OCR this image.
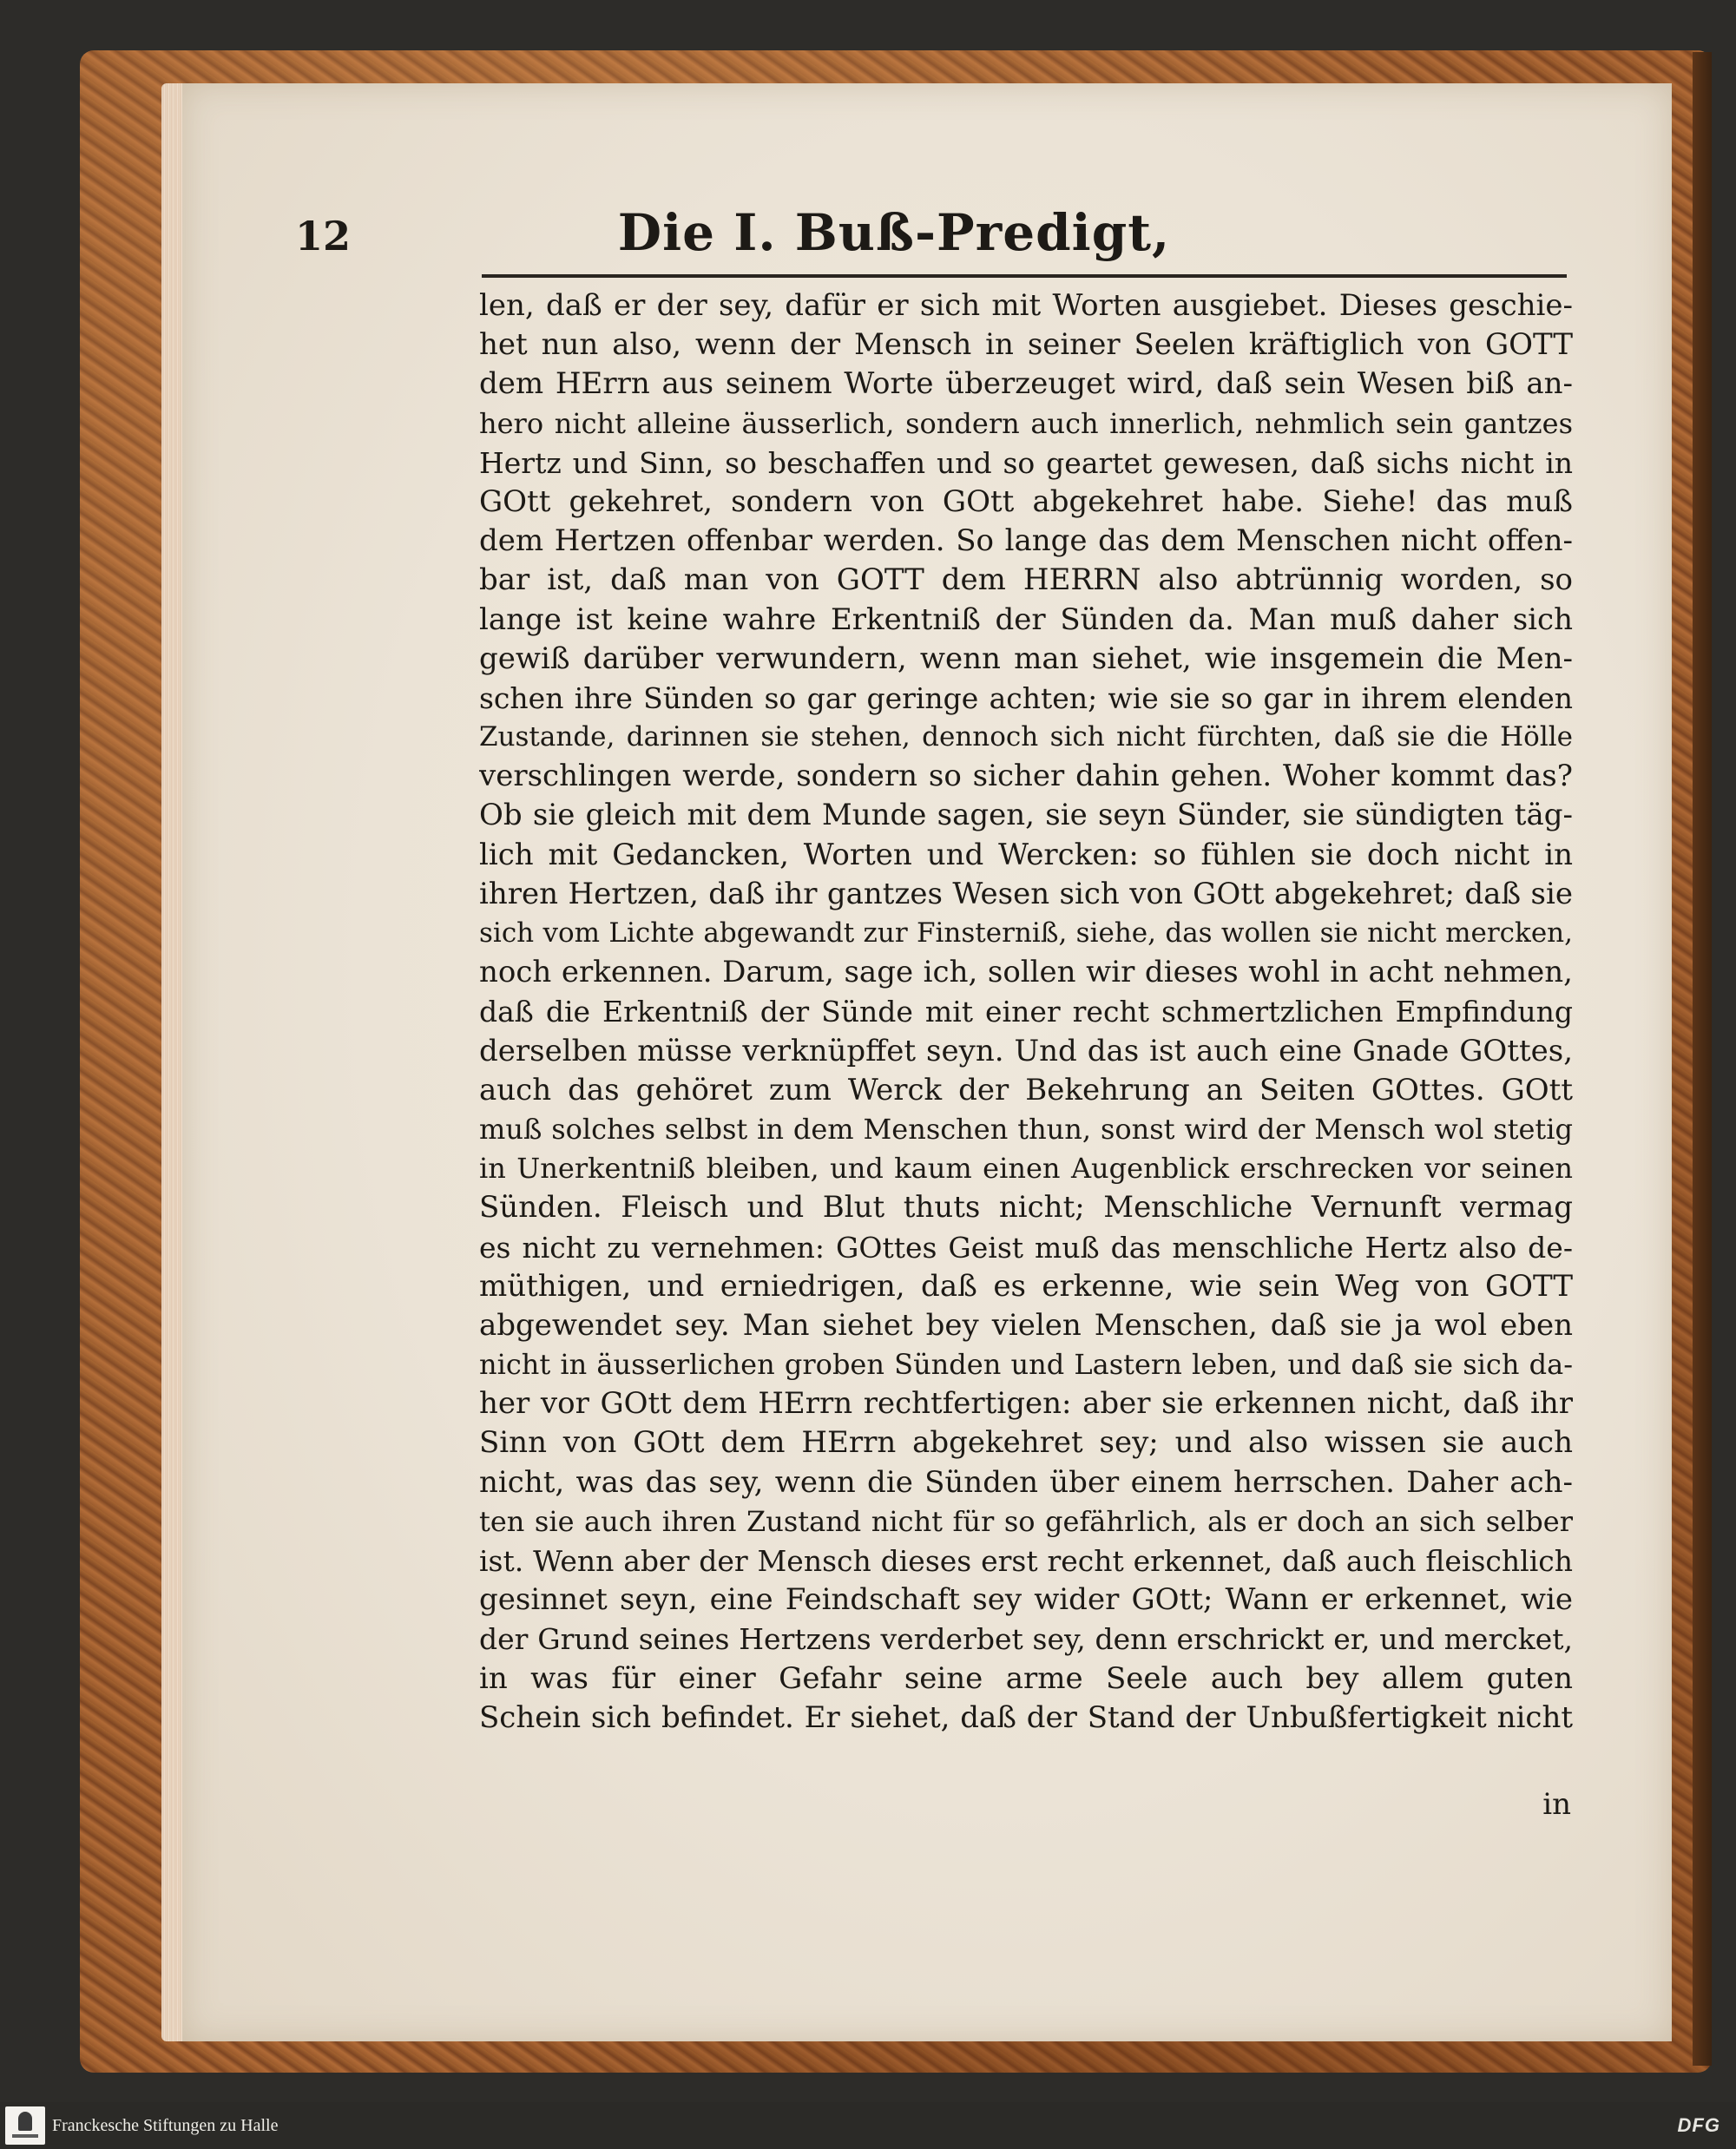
12	Die I. Buß-Predigt,
len, daß er der sey, dafür er sich mit Worten ausgiebet. Dieses geschie-
het nun also, wenn der Mensch in seiner Seelen kräftiglich von GOTT
dem HErrn aus seinem Worte überzeuget wird, daß sein Wesen biß an-
hero nicht alleine äusserlich, sondern auch innerlich, nehmlich sein gantzes
Hertz und Sinn, so beschaffen und so geartet gewesen, daß sichs nicht in
GOtt gekehret, sondern von GOtt abgekehret habe. Siehe! das muß
dem Hertzen offenbar werden. So lange das dem Menschen nicht offen-
bar ist, daß man von GOTT dem HERRN also abtrünnig worden, so
lange ist keine wahre Erkentniß der Sünden da. Man muß daher sich
gewiß darüber verwundern, wenn man siehet, wie insgemein die Men-
schen ihre Sünden so gar geringe achten; wie sie so gar in ihrem elenden
Zustande, darinnen sie stehen, dennoch sich nicht fürchten, daß sie die Hölle
verschlingen werde, sondern so sicher dahin gehen. Woher kommt das?
Ob sie gleich mit dem Munde sagen, sie seyn Sünder, sie sündigten täg-
lich mit Gedancken, Worten und Wercken: so fühlen sie doch nicht in
ihren Hertzen, daß ihr gantzes Wesen sich von GOtt abgekehret; daß sie
sich vom Lichte abgewandt zur Finsterniß, siehe, das wollen sie nicht mercken,
noch erkennen. Darum, sage ich, sollen wir dieses wohl in acht nehmen,
daß die Erkentniß der Sünde mit einer recht schmertzlichen Empfindung
derselben müsse verknüpffet seyn. Und das ist auch eine Gnade GOttes,
auch das gehöret zum Werck der Bekehrung an Seiten GOttes. GOtt
muß solches selbst in dem Menschen thun, sonst wird der Mensch wol stetig
in Unerkentniß bleiben, und kaum einen Augenblick erschrecken vor seinen
Sünden. Fleisch und Blut thuts nicht; Menschliche Vernunft vermag
es nicht zu vernehmen: GOttes Geist muß das menschliche Hertz also de-
müthigen, und erniedrigen, daß es erkenne, wie sein Weg von GOTT
abgewendet sey. Man siehet bey vielen Menschen, daß sie ja wol eben
nicht in äusserlichen groben Sünden und Lastern leben, und daß sie sich da-
her vor GOtt dem HErrn rechtfertigen: aber sie erkennen nicht, daß ihr
Sinn von GOtt dem HErrn abgekehret sey; und also wissen sie auch
nicht, was das sey, wenn die Sünden über einem herrschen. Daher ach-
ten sie auch ihren Zustand nicht für so gefährlich, als er doch an sich selber
ist. Wenn aber der Mensch dieses erst recht erkennet, daß auch fleischlich
gesinnet seyn, eine Feindschaft sey wider GOtt; Wann er erkennet, wie
der Grund seines Hertzens verderbet sey, denn erschrickt er, und mercket,
in was für einer Gefahr seine arme Seele auch bey allem guten
Schein sich befindet. Er siehet, daß der Stand der Unbußfertigkeit nicht
in
Franckesche Stiftungen zu Halle	DFG
